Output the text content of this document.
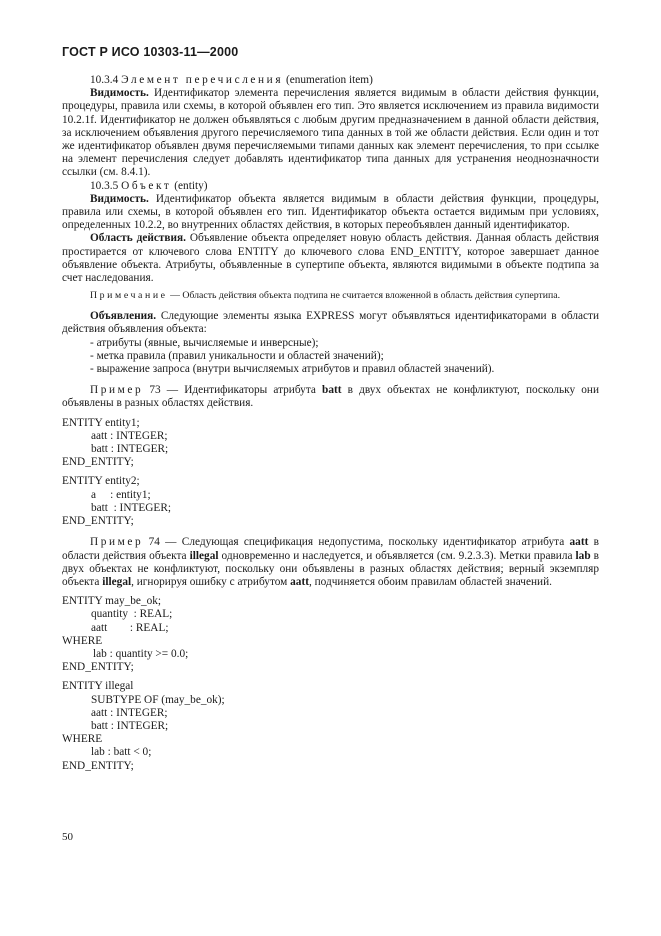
ГОСТ Р ИСО 10303-11—2000

10.3.4 Элемент перечисления (enumeration item)

Видимость. Идентификатор элемента перечисления является видимым в области действия функции, процедуры, правила или схемы, в которой объявлен его тип. Это является исключением из правила видимости 10.2.1f. Идентификатор не должен объявляться с любым другим предназначением в данной области действия, за исключением объявления другого перечисляемого типа данных в той же области действия. Если один и тот же идентификатор объявлен двумя перечисляемыми типами данных как элемент перечисления, то при ссылке на элемент перечисления следует добавлять идентификатор типа данных для устранения неоднозначности ссылки (см. 8.4.1).

10.3.5 Объект (entity)

Видимость. Идентификатор объекта является видимым в области действия функции, процедуры, правила или схемы, в которой объявлен его тип. Идентификатор объекта остается видимым при условиях, определенных 10.2.2, во внутренних областях действия, в которых переобъявлен данный идентификатор.

Область действия. Объявление объекта определяет новую область действия. Данная область действия простирается от ключевого слова ENTITY до ключевого слова END_ENTITY, которое завершает данное объявление объекта. Атрибуты, объявленные в супертипе объекта, являются видимыми в объекте подтипа за счет наследования.

Примечание — Область действия объекта подтипа не считается вложенной в область действия супертипа.

Объявления. Следующие элементы языка EXPRESS могут объявляться идентификаторами в области действия объявления объекта:

- атрибуты (явные, вычисляемые и инверсные);
- метка правила (правил уникальности и областей значений);
- выражение запроса (внутри вычисляемых атрибутов и правил областей значений).

Пример 73 — Идентификаторы атрибута batt в двух объектах не конфликтуют, поскольку они объявлены в разных областях действия.

ENTITY entity1;
aatt : INTEGER;
batt : INTEGER;
END_ENTITY;
ENTITY entity2;
a     : entity1;
batt  : INTEGER;
END_ENTITY;

Пример 74 — Следующая спецификация недопустима, поскольку идентификатор атрибута aatt в области действия объекта illegal одновременно и наследуется, и объявляется (см. 9.2.3.3). Метки правила lab в двух объектах не конфликтуют, поскольку они объявлены в разных областях действия; верный экземпляр объекта illegal, игнорируя ошибку с атрибутом aatt, подчиняется обоим правилам областей значений.

ENTITY may_be_ok;
quantity  : REAL;
aatt        : REAL;
WHERE
lab : quantity >= 0.0;
END_ENTITY;
ENTITY illegal
SUBTYPE OF (may_be_ok);
aatt : INTEGER;
batt : INTEGER;
WHERE
lab : batt < 0;
END_ENTITY;
50
